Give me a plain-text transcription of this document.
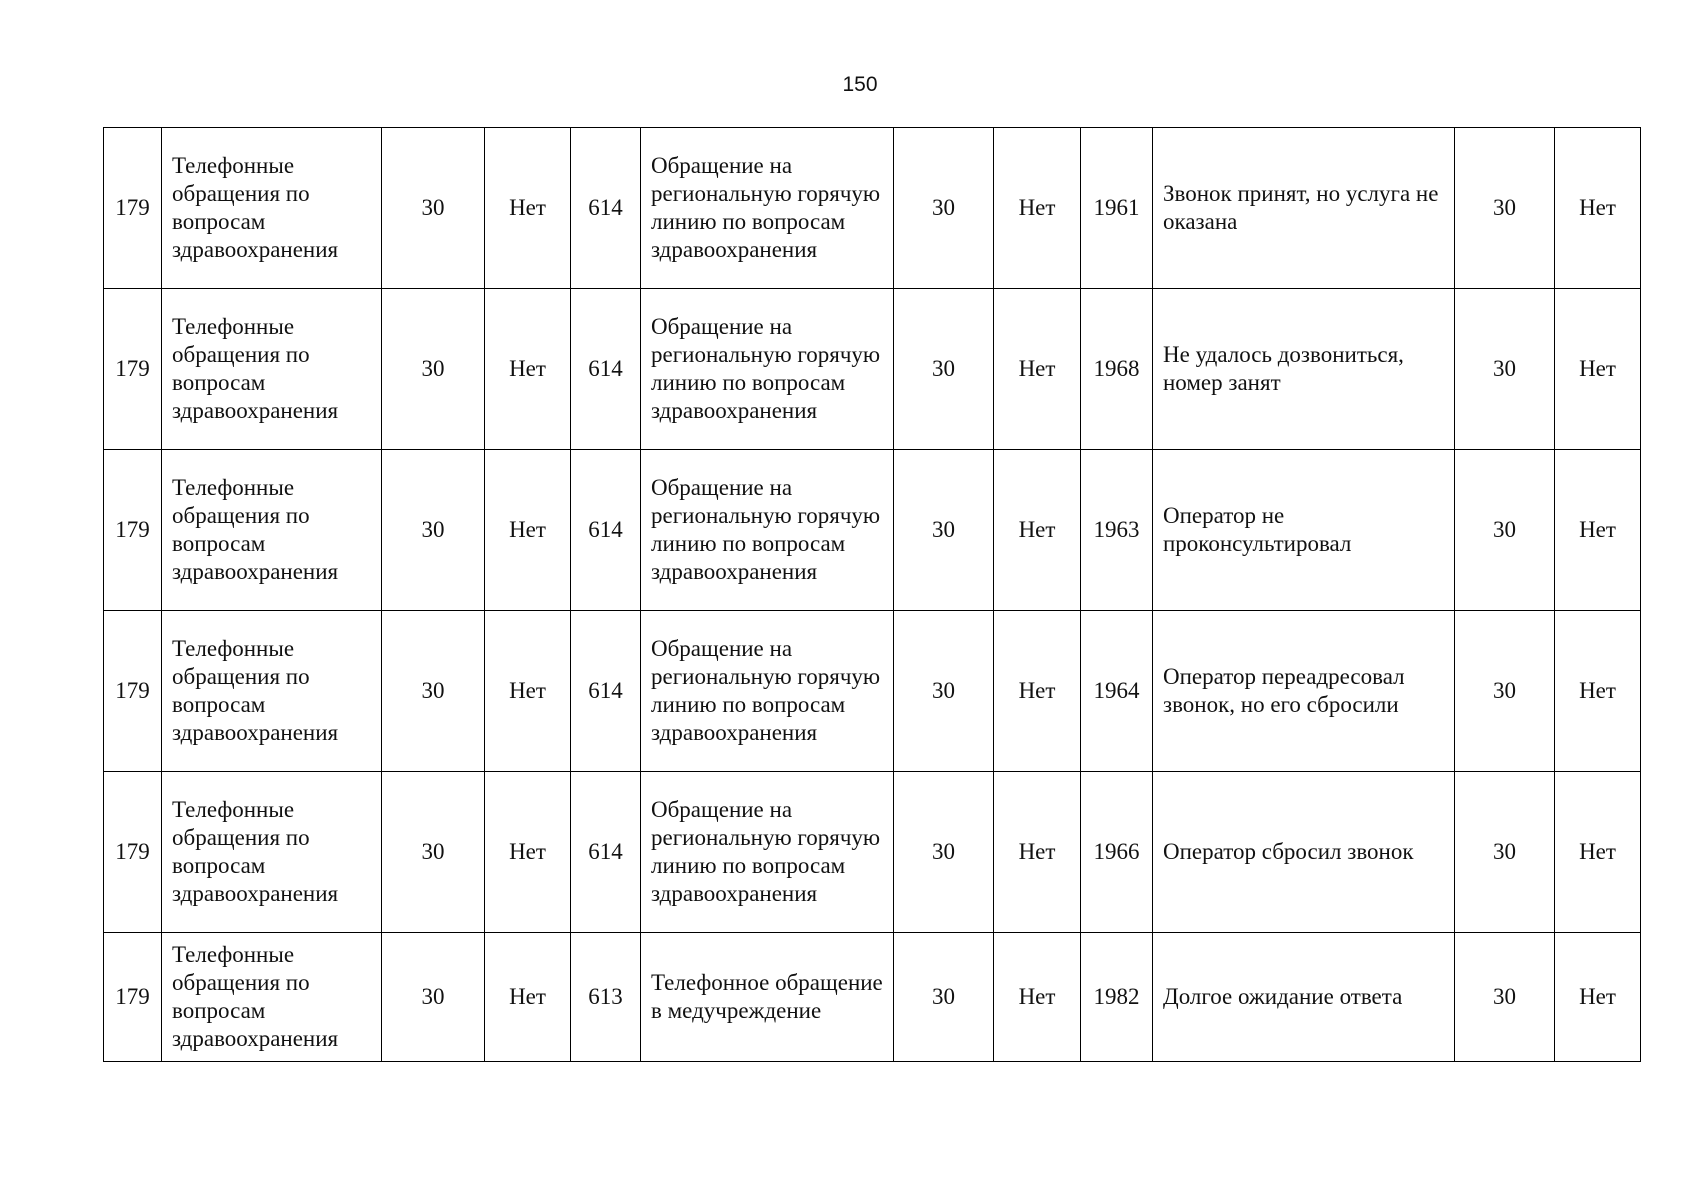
150
179	Телефонные обращения по вопросам здравоохранения	30	Нет	614	Обращение на региональную горячую линию по вопросам здравоохранения	30	Нет	1961	Звонок принят, но услуга не оказана	30	Нет
179	Телефонные обращения по вопросам здравоохранения	30	Нет	614	Обращение на региональную горячую линию по вопросам здравоохранения	30	Нет	1968	Не удалось дозвониться, номер занят	30	Нет
179	Телефонные обращения по вопросам здравоохранения	30	Нет	614	Обращение на региональную горячую линию по вопросам здравоохранения	30	Нет	1963	Оператор не проконсультировал	30	Нет
179	Телефонные обращения по вопросам здравоохранения	30	Нет	614	Обращение на региональную горячую линию по вопросам здравоохранения	30	Нет	1964	Оператор переадресовал звонок, но его сбросили	30	Нет
179	Телефонные обращения по вопросам здравоохранения	30	Нет	614	Обращение на региональную горячую линию по вопросам здравоохранения	30	Нет	1966	Оператор сбросил звонок	30	Нет
179	Телефонные обращения по вопросам здравоохранения	30	Нет	613	Телефонное обращение в медучреждение	30	Нет	1982	Долгое ожидание ответа	30	Нет
